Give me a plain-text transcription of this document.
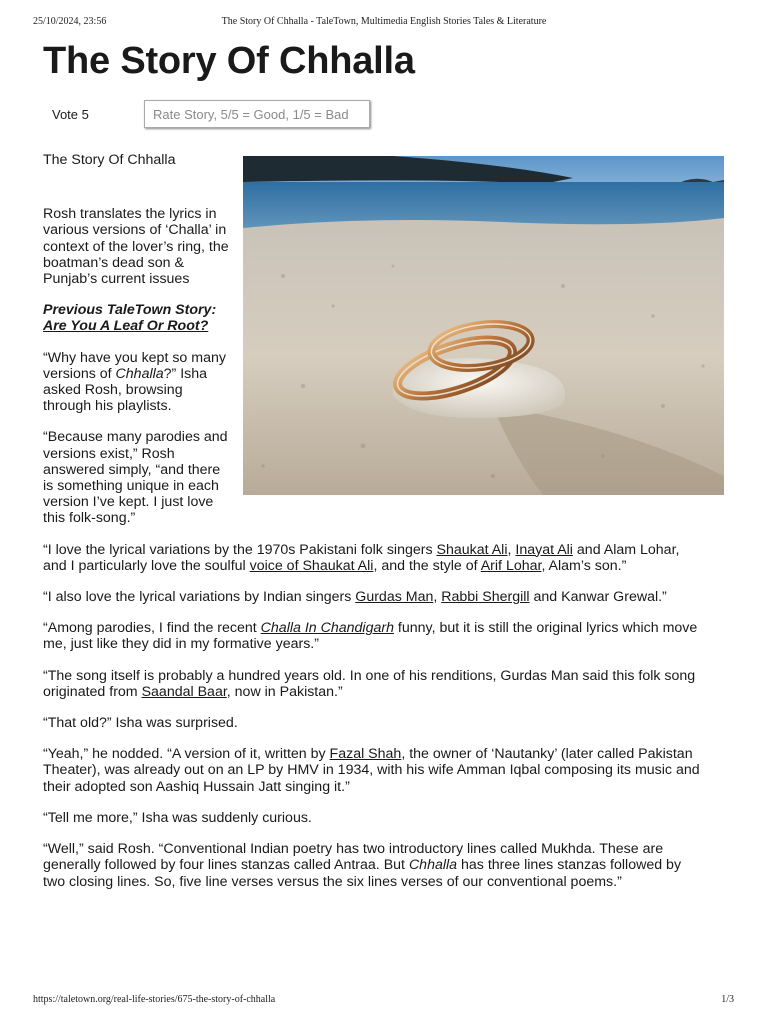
25/10/2024, 23:56	The Story Of Chhalla - TaleTown, Multimedia English Stories Tales & Literature
The Story Of Chhalla
Vote 5
Rate Story, 5/5 = Good, 1/5 = Bad

The Story Of Chhalla

Rosh translates the lyrics in various versions of ‘Challa’ in context of the lover’s ring, the boatman’s dead son & Punjab’s current issues

Previous TaleTown Story: Are You A Leaf Or Root?

“Why have you kept so many versions of Chhalla?” Isha asked Rosh, browsing through his playlists.

“Because many parodies and versions exist,” Rosh answered simply, “and there is something unique in each version I’ve kept. I just love this folk-song.”

“I love the lyrical variations by the 1970s Pakistani folk singers Shaukat Ali, Inayat Ali and Alam Lohar, and I particularly love the soulful voice of Shaukat Ali, and the style of Arif Lohar, Alam’s son.”

“I also love the lyrical variations by Indian singers Gurdas Man, Rabbi Shergill and Kanwar Grewal.”

“Among parodies, I find the recent Challa In Chandigarh funny, but it is still the original lyrics which move me, just like they did in my formative years.”

“The song itself is probably a hundred years old. In one of his renditions, Gurdas Man said this folk song originated from Saandal Baar, now in Pakistan.”

“That old?” Isha was surprised.

“Yeah,” he nodded. “A version of it, written by Fazal Shah, the owner of ‘Nautanky’ (later called Pakistan Theater), was already out on an LP by HMV in 1934, with his wife Amman Iqbal composing its music and their adopted son Aashiq Hussain Jatt singing it.”

“Tell me more,” Isha was suddenly curious.

“Well,” said Rosh. “Conventional Indian poetry has two introductory lines called Mukhda. These are generally followed by four lines stanzas called Antraa. But Chhalla has three lines stanzas followed by two closing lines. So, five line verses versus the six lines verses of our conventional poems.”

https://taletown.org/real-life-stories/675-the-story-of-chhalla	1/3
